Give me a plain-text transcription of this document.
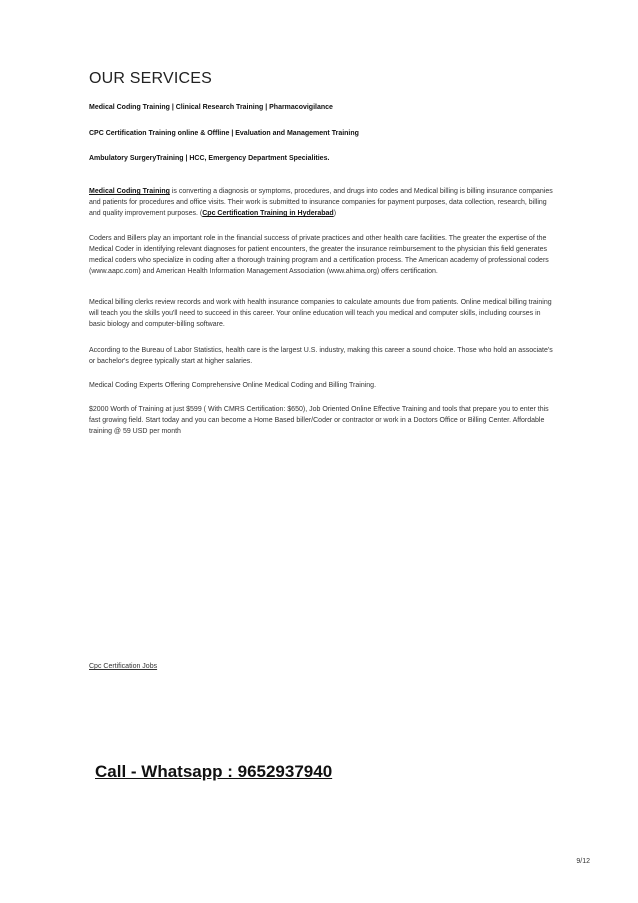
OUR SERVICES

Medical Coding Training | Clinical Research Training | Pharmacovigilance

CPC Certification Training online & Offline | Evaluation and Management Training

Ambulatory SurgeryTraining | HCC, Emergency Department Specialities.

Medical Coding Training is converting a diagnosis or symptoms, procedures, and drugs into codes and Medical billing is billing insurance companies and patients for procedures and office visits. Their work is submitted to insurance companies for payment purposes, data collection, research, billing and quality improvement purposes. (Cpc Certification Training in Hyderabad)

Coders and Billers play an important role in the financial success of private practices and other health care facilities. The greater the expertise of the Medical Coder in identifying relevant diagnoses for patient encounters, the greater the insurance reimbursement to the physician this field generates medical coders who specialize in coding after a thorough training program and a certification process. The American academy of professional coders (www.aapc.com) and American Health Information Management Association (www.ahima.org) offers certification.

Medical billing clerks review records and work with health insurance companies to calculate amounts due from patients. Online medical billing training will teach you the skills you'll need to succeed in this career. Your online education will teach you medical and computer skills, including courses in basic biology and computer-billing software.

According to the Bureau of Labor Statistics, health care is the largest U.S. industry, making this career a sound choice. Those who hold an associate's or bachelor's degree typically start at higher salaries.

Medical Coding Experts Offering Comprehensive Online Medical Coding and Billing Training.

$2000 Worth of Training at just $599 ( With CMRS Certification: $650), Job Oriented Online Effective Training and tools that prepare you to enter this fast growing field. Start today and you can become a Home Based biller/Coder or contractor or work in a Doctors Office or Billing Center. Affordable training @ 59 USD per month

Cpc Certification Jobs
Call - Whatsapp : 9652937940
9/12
